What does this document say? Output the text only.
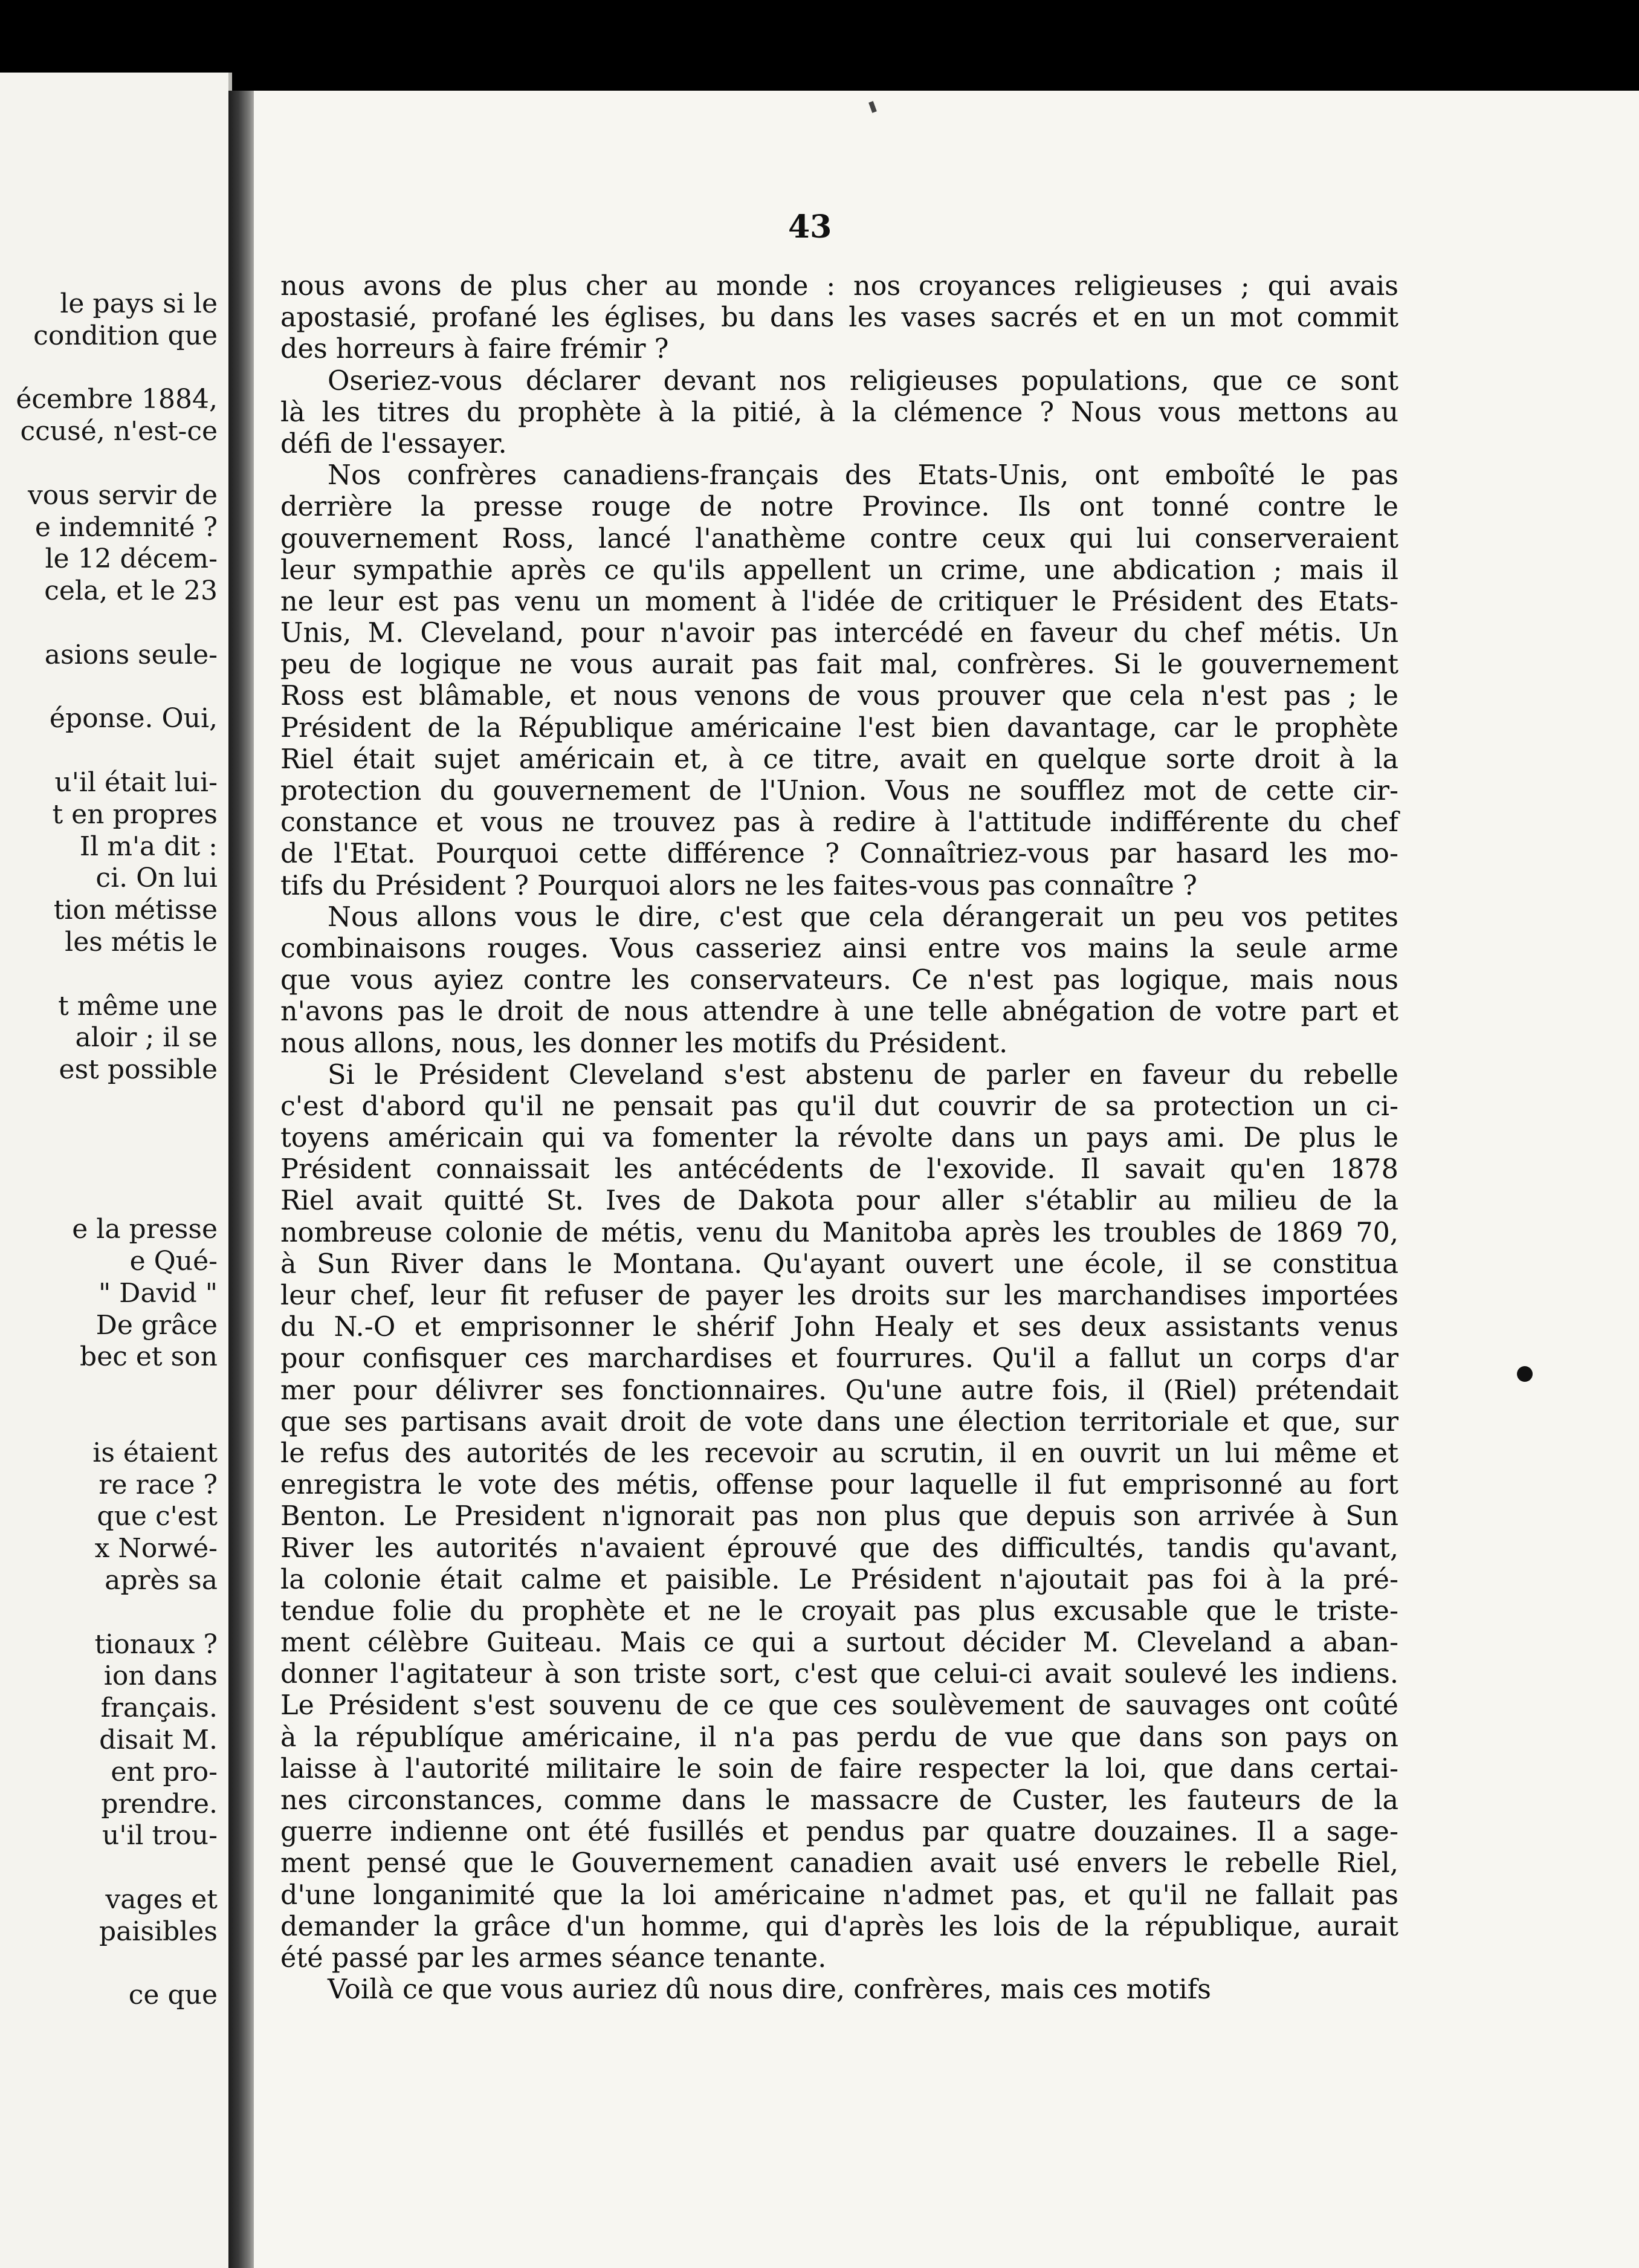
le pays si le
condition que
écembre 1884,
ccusé, n'est-ce
vous servir de
e indemnité ?
le 12 décem-
cela, et le 23
asions seule-
éponse. Oui,
u'il était lui-
t en propres
Il m'a dit :
ci. On lui
tion métisse
les métis le
t même une
aloir ; il se
est possible
e la presse
e Qué-
" David "
De grâce
bec et son
is étaient
re race ?
que c'est
x Norwé-
après sa
tionaux ?
ion dans
français.
disait M.
ent pro-
prendre.
u'il trou-
vages et
paisibles
ce que
43
nous avons de plus cher au monde : nos croyances religieuses ; qui avais
apostasié, profané les églises, bu dans les vases sacrés et en un mot commit
des horreurs à faire frémir ?
Oseriez-vous déclarer devant nos religieuses populations, que ce sont
là les titres du prophète à la pitié, à la clémence ? Nous vous mettons au
défi de l'essayer.
Nos confrères canadiens-français des Etats-Unis, ont emboîté le pas
derrière la presse rouge de notre Province. Ils ont tonné contre le
gouvernement Ross, lancé l'anathème contre ceux qui lui conserveraient
leur sympathie après ce qu'ils appellent un crime, une abdication ; mais il
ne leur est pas venu un moment à l'idée de critiquer le Président des Etats-
Unis, M. Cleveland, pour n'avoir pas intercédé en faveur du chef métis. Un
peu de logique ne vous aurait pas fait mal, confrères. Si le gouvernement
Ross est blâmable, et nous venons de vous prouver que cela n'est pas ; le
Président de la République américaine l'est bien davantage, car le prophète
Riel était sujet américain et, à ce titre, avait en quelque sorte droit à la
protection du gouvernement de l'Union. Vous ne soufflez mot de cette cir-
constance et vous ne trouvez pas à redire à l'attitude indifférente du chef
de l'Etat. Pourquoi cette différence ? Connaîtriez-vous par hasard les mo-
tifs du Président ? Pourquoi alors ne les faites-vous pas connaître ?
Nous allons vous le dire, c'est que cela dérangerait un peu vos petites
combinaisons rouges. Vous casseriez ainsi entre vos mains la seule arme
que vous ayiez contre les conservateurs. Ce n'est pas logique, mais nous
n'avons pas le droit de nous attendre à une telle abnégation de votre part et
nous allons, nous, les donner les motifs du Président.
Si le Président Cleveland s'est abstenu de parler en faveur du rebelle
c'est d'abord qu'il ne pensait pas qu'il dut couvrir de sa protection un ci-
toyens américain qui va fomenter la révolte dans un pays ami. De plus le
Président connaissait les antécédents de l'exovide. Il savait qu'en 1878
Riel avait quitté St. Ives de Dakota pour aller s'établir au milieu de la
nombreuse colonie de métis, venu du Manitoba après les troubles de 1869 70,
à Sun River dans le Montana. Qu'ayant ouvert une école, il se constitua
leur chef, leur fit refuser de payer les droits sur les marchandises importées
du N.-O et emprisonner le shérif John Healy et ses deux assistants venus
pour confisquer ces marchardises et fourrures. Qu'il a fallut un corps d'ar
mer pour délivrer ses fonctionnaires. Qu'une autre fois, il (Riel) prétendait
que ses partisans avait droit de vote dans une élection territoriale et que, sur
le refus des autorités de les recevoir au scrutin, il en ouvrit un lui même et
enregistra le vote des métis, offense pour laquelle il fut emprisonné au fort
Benton. Le President n'ignorait pas non plus que depuis son arrivée à Sun
River les autorités n'avaient éprouvé que des difficultés, tandis qu'avant,
la colonie était calme et paisible. Le Président n'ajoutait pas foi à la pré-
tendue folie du prophète et ne le croyait pas plus excusable que le triste-
ment célèbre Guiteau. Mais ce qui a surtout décider M. Cleveland a aban-
donner l'agitateur à son triste sort, c'est que celui-ci avait soulevé les indiens.
Le Président s'est souvenu de ce que ces soulèvement de sauvages ont coûté
à la républíque américaine, il n'a pas perdu de vue que dans son pays on
laisse à l'autorité militaire le soin de faire respecter la loi, que dans certai-
nes circonstances, comme dans le massacre de Custer, les fauteurs de la
guerre indienne ont été fusillés et pendus par quatre douzaines. Il a sage-
ment pensé que le Gouvernement canadien avait usé envers le rebelle Riel,
d'une longanimité que la loi américaine n'admet pas, et qu'il ne fallait pas
demander la grâce d'un homme, qui d'après les lois de la république, aurait
été passé par les armes séance tenante.
Voilà ce que vous auriez dû nous dire, confrères, mais ces motifs
